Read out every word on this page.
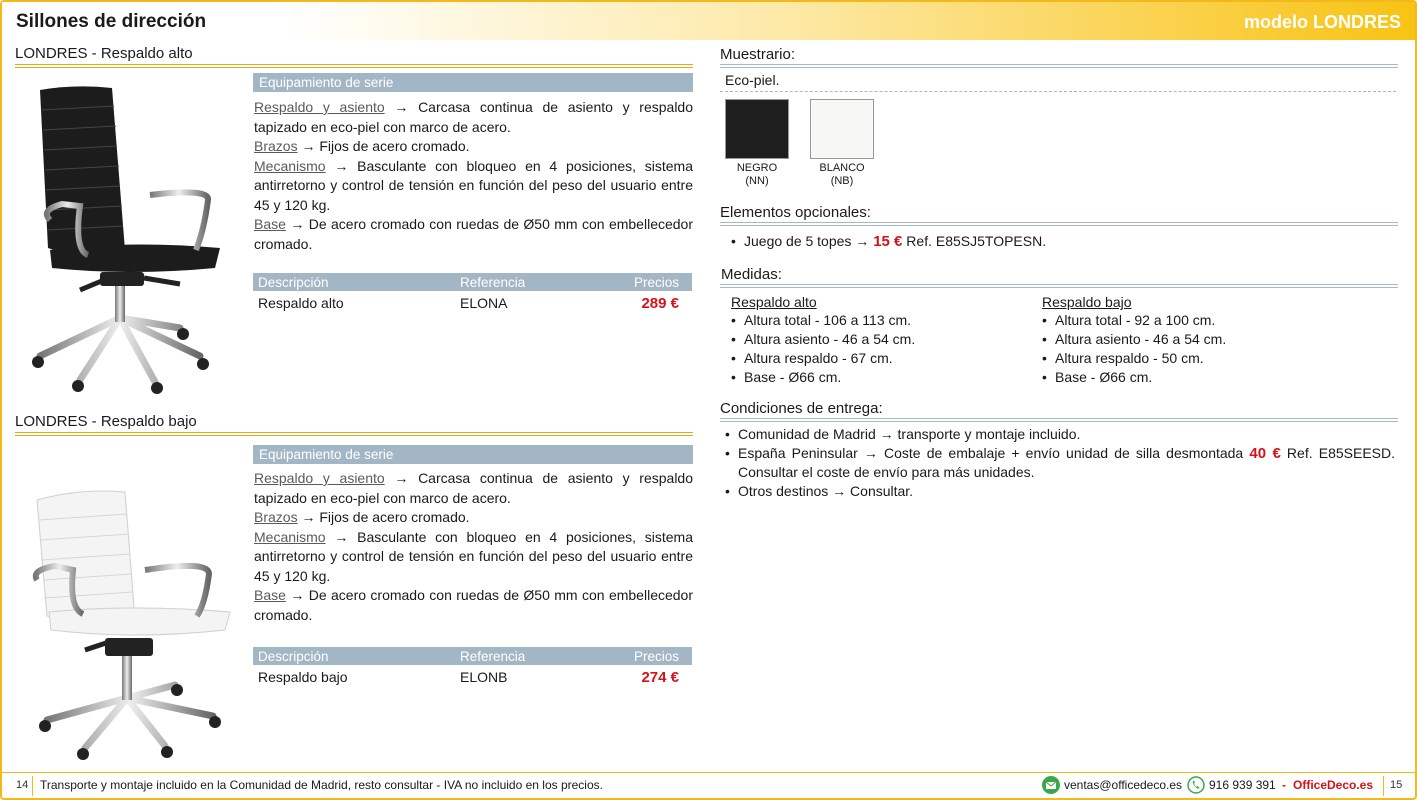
Sillones de dirección	modelo LONDRES
LONDRES - Respaldo alto
Equipamiento de serie

Respaldo y asiento → Carcasa continua de asiento y respaldo tapizado en eco-piel con marco de acero.

Brazos → Fijos de acero cromado.

Mecanismo → Basculante con bloqueo en 4 posiciones, sistema antirretorno y control de tensión en función del peso del usuario entre 45 y 120 kg.

Base → De acero cromado con ruedas de Ø50 mm con embellecedor cromado.

Descripción	Referencia	Precios
Respaldo alto	ELONA	289 €
LONDRES - Respaldo bajo
Equipamiento de serie

Respaldo y asiento → Carcasa continua de asiento y respaldo tapizado en eco-piel con marco de acero.

Brazos → Fijos de acero cromado.

Mecanismo → Basculante con bloqueo en 4 posiciones, sistema antirretorno y control de tensión en función del peso del usuario entre 45 y 120 kg.

Base → De acero cromado con ruedas de Ø50 mm con embellecedor cromado.

Descripción	Referencia	Precios
Respaldo bajo	ELONB	274 €
Muestrario:
Eco-piel.
NEGRO
(NN)
BLANCO
(NB)
Elementos opcionales:
• Juego de 5 topes → 15 € Ref. E85SJ5TOPESN.
Medidas:
Respaldo alto
• Altura total - 106 a 113 cm.
• Altura asiento - 46 a 54 cm.
• Altura respaldo - 67 cm.
• Base - Ø66 cm.
Respaldo bajo
• Altura total - 92 a 100 cm.
• Altura asiento - 46 a 54 cm.
• Altura respaldo - 50 cm.
• Base - Ø66 cm.
Condiciones de entrega:
• Comunidad de Madrid → transporte y montaje incluido.
• España Peninsular → Coste de embalaje + envío unidad de silla desmontada 40 € Ref. E85SEESD. Consultar el coste de envío para más unidades.
• Otros destinos → Consultar.
14 Transporte y montaje incluido en la Comunidad de Madrid, resto consultar - IVA no incluido en los precios.	ventas@officedeco.es 916 939 391 - OfficeDeco.es 15
